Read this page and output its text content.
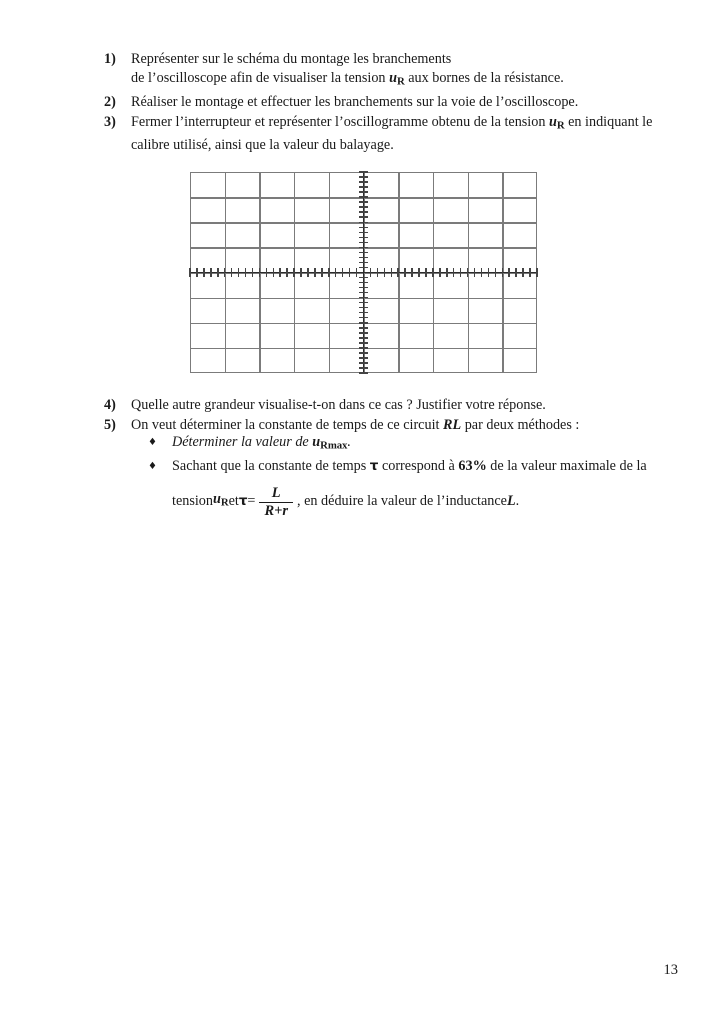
1)	Représenter sur le schéma du montage les branchements
de l’oscilloscope afin de visualiser la tension $u_R$ aux bornes de la résistance.
2)	Réaliser le montage et effectuer les branchements sur la voie de l’oscilloscope.
3)	Fermer l’interrupteur et représenter l’oscillogramme obtenu de la tension $u_R$ en indiquant le
calibre utilisé, ainsi que la valeur du balayage.
4)	Quelle autre grandeur visualise-t-on dans ce cas ? Justifier votre réponse.
5)	On veut déterminer la constante de temps de ce circuit RL par deux méthodes :
♦	Déterminer la valeur de $u_{Rmax}$.
♦	Sachant que la constante de temps τ correspond à 63% de la valeur maximale de la
tension $u_R$ et $\tau = \frac{L}{R+r}$ , en déduire la valeur de l’inductance L .
13
